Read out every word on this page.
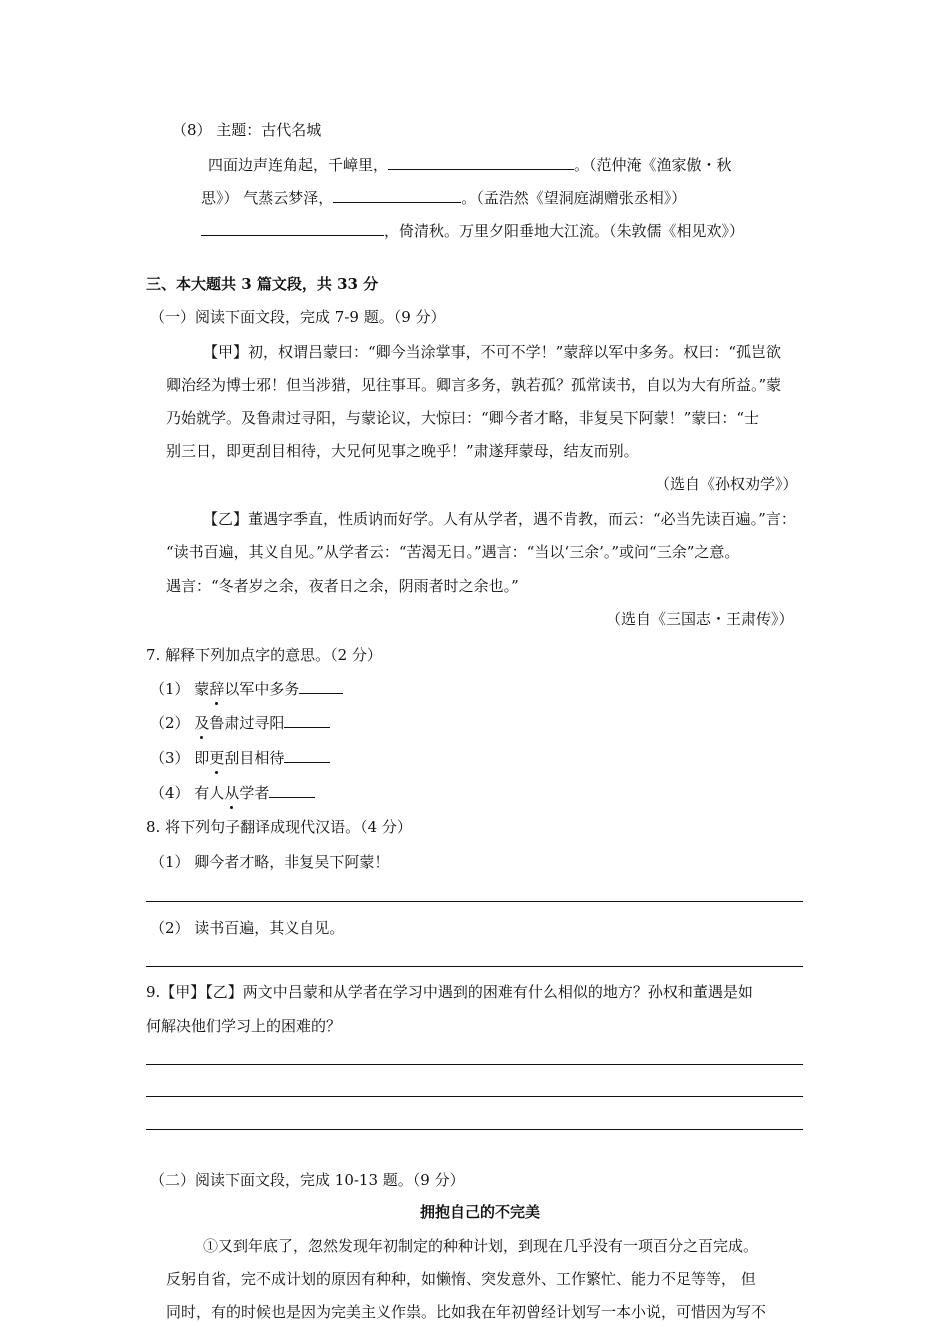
（8） 主题：古代名城
四面边声连角起，千嶂里，	。（范仲淹《渔家傲・秋
思》） 气蒸云梦泽，	。（孟浩然《望洞庭湖赠张丞相》）
，倚清秋。万里夕阳垂地大江流。（朱敦儒《相见欢》）
三、本大题共 3 篇文段，共 33 分
（一）阅读下面文段，完成 7-9 题。（9 分）
【甲】初，权谓吕蒙曰：“卿今当涂掌事，不可不学！”蒙辞以军中多务。权曰：“孤岂欲
卿治经为博士邪！但当涉猎，见往事耳。卿言多务，孰若孤？孤常读书，自以为大有所益。”蒙
乃始就学。及鲁肃过寻阳，与蒙论议，大惊曰：“卿今者才略，非复吴下阿蒙！”蒙曰：“士
别三日，即更刮目相待，大兄何见事之晚乎！”肃遂拜蒙母，结友而别。
（选自《孙权劝学》）
【乙】董遇字季直，性质讷而好学。人有从学者，遇不肯教，而云：“必当先读百遍。”言：
“读书百遍，其义自见。”从学者云：“苦渴无日。”遇言：“当以‘三余’。”或问“三余”之意。
遇言：“冬者岁之余，夜者日之余，阴雨者时之余也。”
（选自《三国志・王肃传》）
7. 解释下列加点字的意思。（2 分）
（1） 蒙辞以军中多务
（2） 及鲁肃过寻阳
（3） 即更刮目相待
（4） 有人从学者
8. 将下列句子翻译成现代汉语。（4 分）
（1） 卿今者才略，非复吴下阿蒙！
（2） 读书百遍，其义自见。
9.【甲】【乙】两文中吕蒙和从学者在学习中遇到的困难有什么相似的地方？孙权和董遇是如
何解决他们学习上的困难的？
（二）阅读下面文段，完成 10-13 题。（9 分）
拥抱自己的不完美
①又到年底了，忽然发现年初制定的种种计划，到现在几乎没有一项百分之百完成。
反躬自省，完不成计划的原因有种种，如懒惰、突发意外、工作繁忙、能力不足等等， 但
同时，有的时候也是因为完美主义作祟。比如我在年初曾经计划写一本小说，可惜因为写不
